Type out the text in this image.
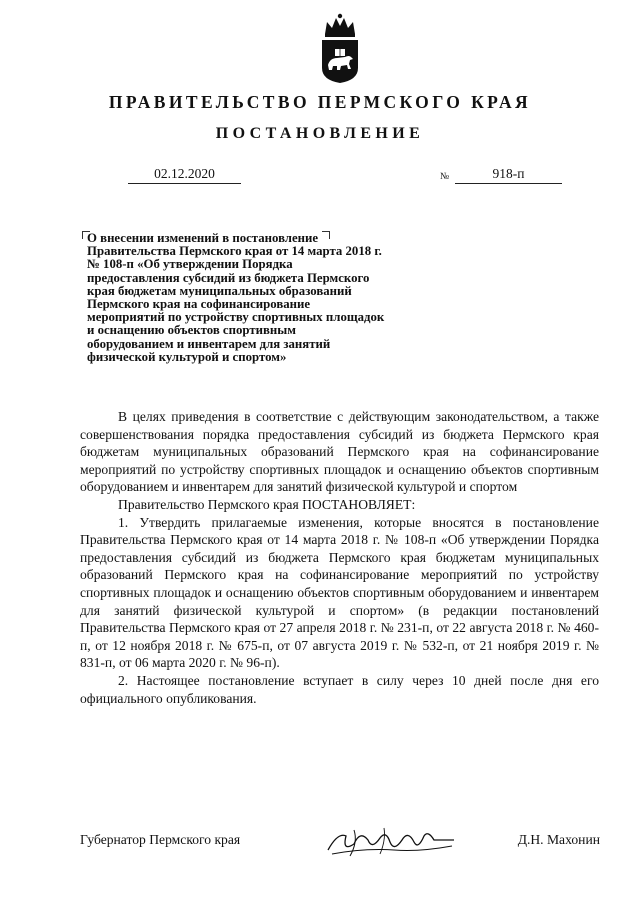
ПРАВИТЕЛЬСТВО ПЕРМСКОГО КРАЯ
ПОСТАНОВЛЕНИЕ
02.12.2020	№	918-п
О внесении изменений в постановление
Правительства Пермского края от 14 марта 2018 г.
№ 108-п «Об утверждении Порядка
предоставления субсидий из бюджета Пермского
края бюджетам муниципальных образований
Пермского края на софинансирование
мероприятий по устройству спортивных площадок
и оснащению объектов спортивным
оборудованием и инвентарем для занятий
физической культурой и спортом»

В целях приведения в соответствие с действующим законодательством, а также совершенствования порядка предоставления субсидий из бюджета Пермского края бюджетам муниципальных образований Пермского края на софинансирование мероприятий по устройству спортивных площадок и оснащению объектов спортивным оборудованием и инвентарем для занятий физической культурой и спортом

Правительство Пермского края ПОСТАНОВЛЯЕТ:

1. Утвердить прилагаемые изменения, которые вносятся в постановление Правительства Пермского края от 14 марта 2018 г. № 108-п «Об утверждении Порядка предоставления субсидий из бюджета Пермского края бюджетам муниципальных образований Пермского края на софинансирование мероприятий по устройству спортивных площадок и оснащению объектов спортивным оборудованием и инвентарем для занятий физической культурой и спортом» (в редакции постановлений Правительства Пермского края от 27 апреля 2018 г. № 231-п, от 22 августа 2018 г. № 460-п, от 12 ноября 2018 г. № 675-п, от 07 августа 2019 г. № 532-п, от 21 ноября 2019 г. № 831-п, от 06 марта 2020 г. № 96-п).

2. Настоящее постановление вступает в силу через 10 дней после дня его официального опубликования.

Губернатор Пермского края	Д.Н. Махонин
